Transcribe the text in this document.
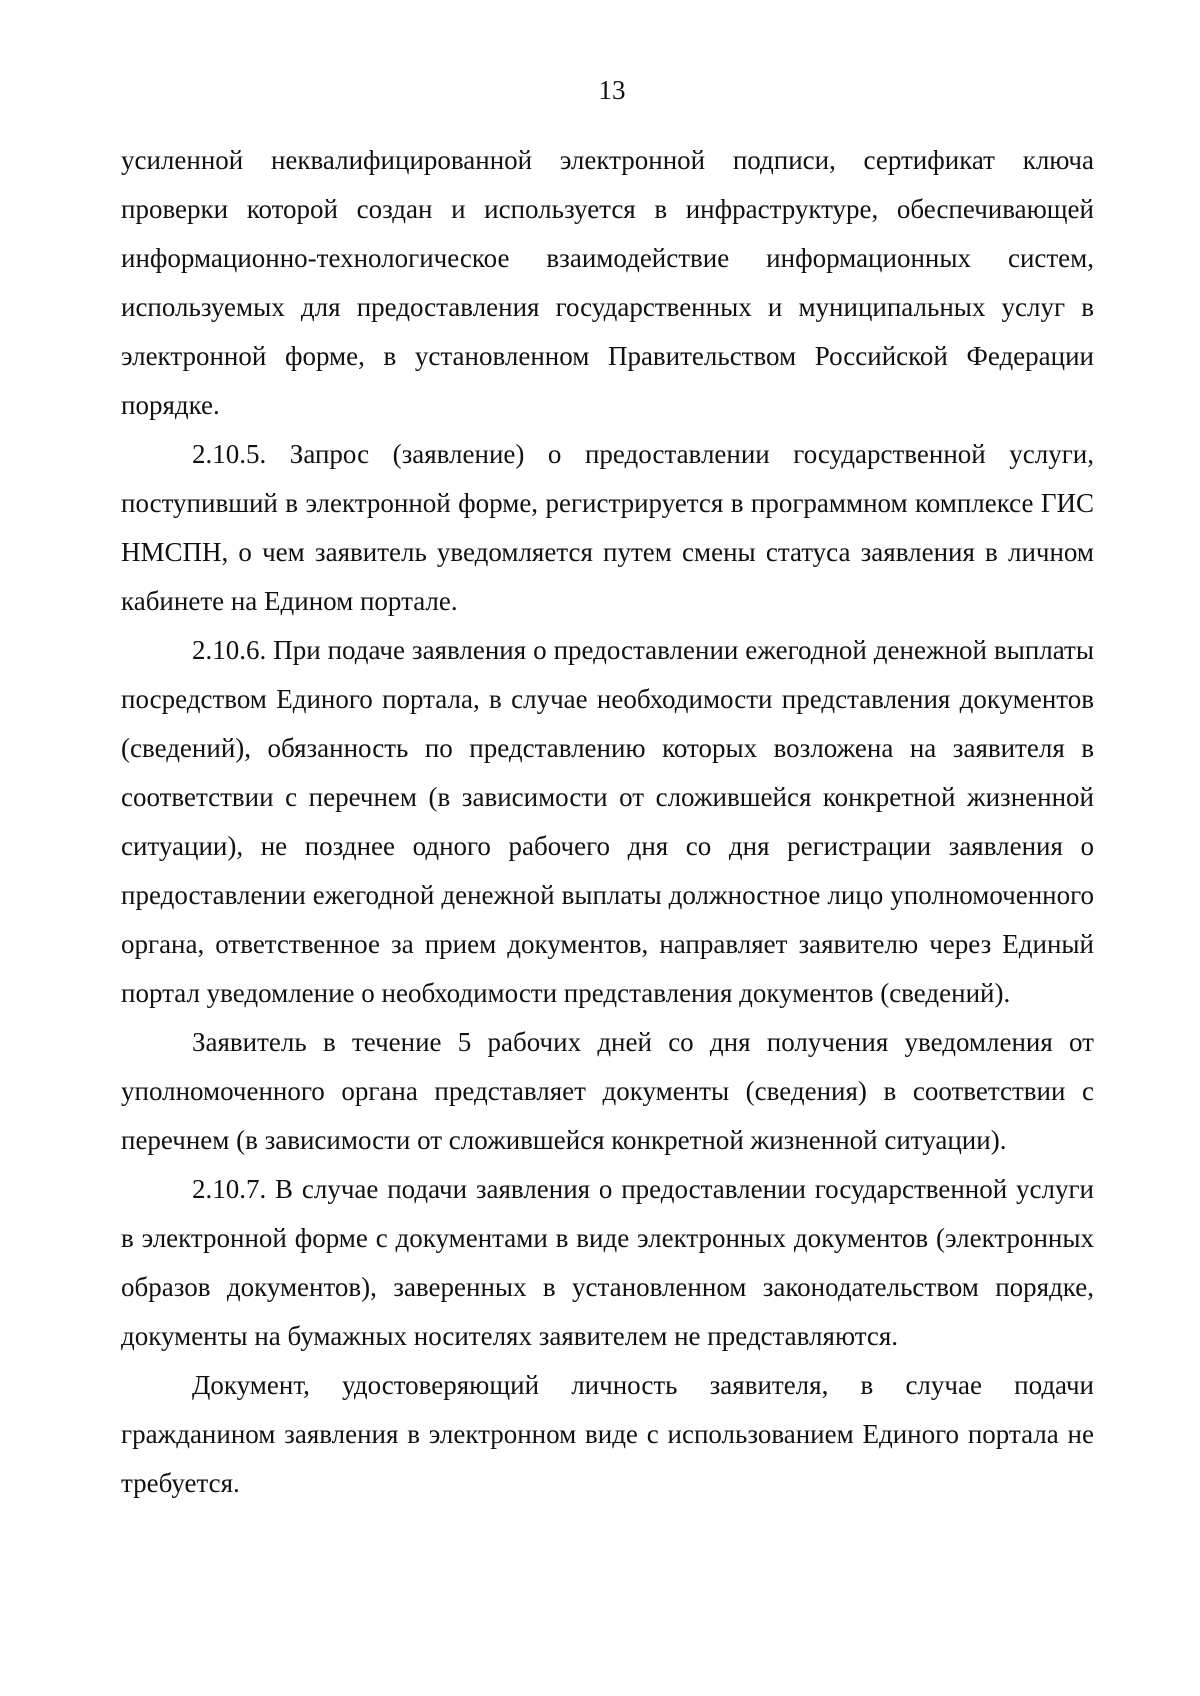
13

усиленной неквалифицированной электронной подписи, сертификат ключа проверки которой создан и используется в инфраструктуре, обеспечивающей информационно-технологическое взаимодействие информационных систем, используемых для предоставления государственных и муниципальных услуг в электронной форме, в установленном Правительством Российской Федерации порядке.

2.10.5. Запрос (заявление) о предоставлении государственной услуги, поступивший в электронной форме, регистрируется в программном комплексе ГИС НМСПН, о чем заявитель уведомляется путем смены статуса заявления в личном кабинете на Едином портале.

2.10.6. При подаче заявления о предоставлении ежегодной денежной выплаты посредством Единого портала, в случае необходимости представления документов (сведений), обязанность по представлению которых возложена на заявителя в соответствии с перечнем (в зависимости от сложившейся конкретной жизненной ситуации), не позднее одного рабочего дня со дня регистрации заявления о предоставлении ежегодной денежной выплаты должностное лицо уполномоченного органа, ответственное за прием документов, направляет заявителю через Единый портал уведомление о необходимости представления документов (сведений).

Заявитель в течение 5 рабочих дней со дня получения уведомления от уполномоченного органа представляет документы (сведения) в соответствии с перечнем (в зависимости от сложившейся конкретной жизненной ситуации).

2.10.7. В случае подачи заявления о предоставлении государственной услуги в электронной форме с документами в виде электронных документов (электронных образов документов), заверенных в установленном законодательством порядке, документы на бумажных носителях заявителем не представляются.

Документ, удостоверяющий личность заявителя, в случае подачи гражданином заявления в электронном виде с использованием Единого портала не требуется.
